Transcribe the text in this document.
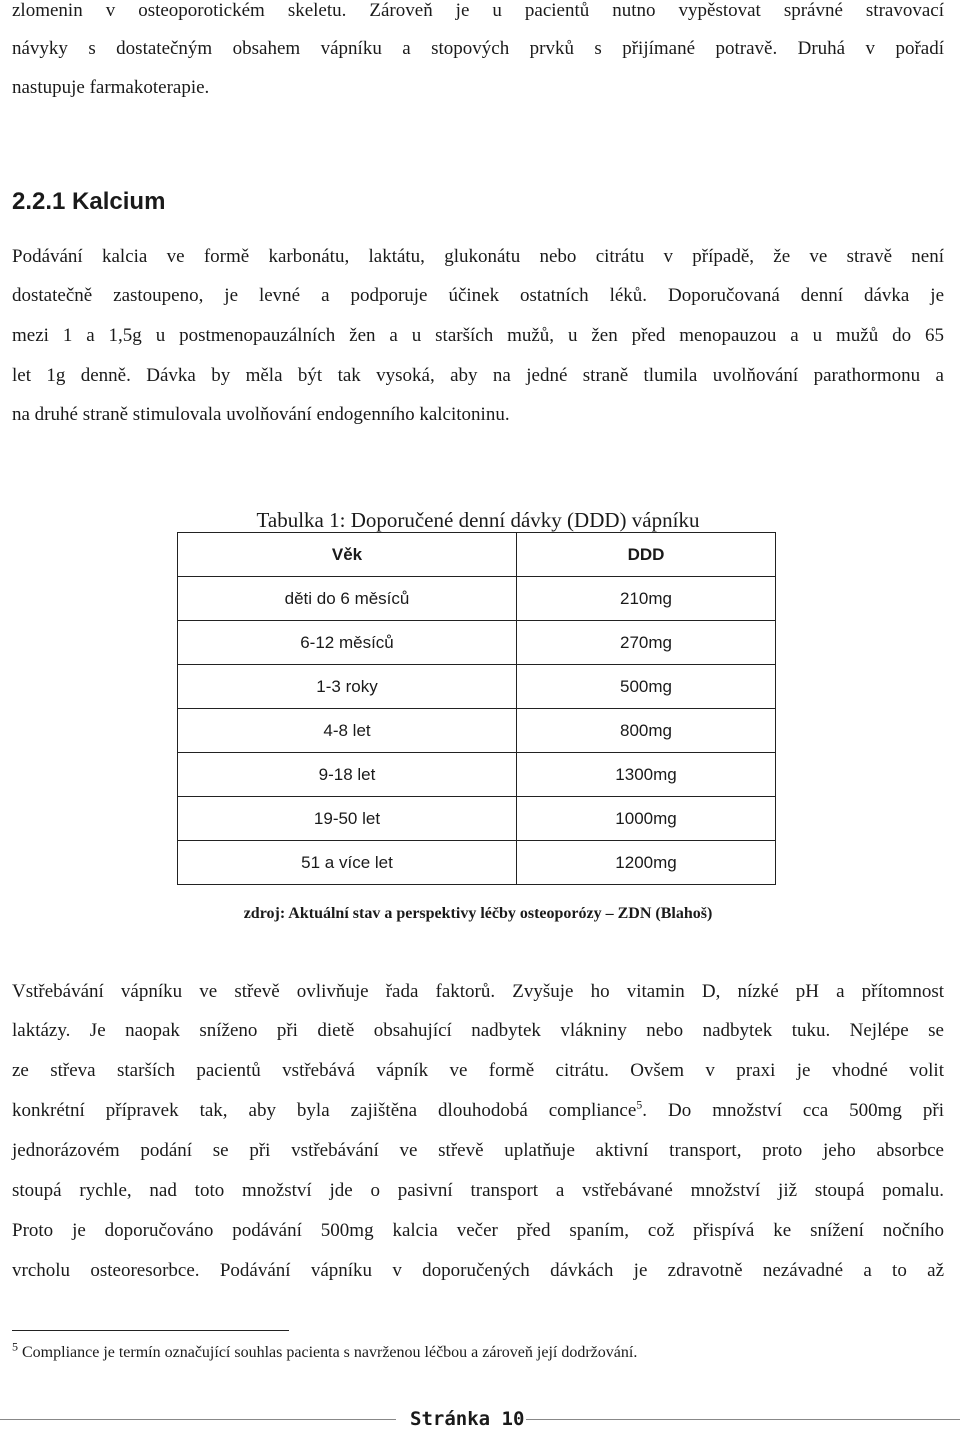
zlomenin v osteoporotickém skeletu. Zároveň je u pacientů nutno vypěstovat správné stravovací
návyky s dostatečným obsahem vápníku a stopových prvků s přijímané potravě. Druhá v pořadí
nastupuje farmakoterapie.
2.2.1 Kalcium
Podávání kalcia ve formě karbonátu, laktátu, glukonátu nebo citrátu v případě, že ve stravě není
dostatečně zastoupeno, je levné a podporuje účinek ostatních léků. Doporučovaná denní dávka je
mezi 1 a 1,5g u postmenopauzálních žen a u starších mužů, u žen před menopauzou a u mužů do 65
let 1g denně. Dávka by měla být tak vysoká, aby na jedné straně tlumila uvolňování parathormonu a
na druhé straně stimulovala uvolňování endogenního kalcitoninu.
Tabulka 1: Doporučené denní dávky (DDD) vápníku
Věk	DDD
děti do 6 měsíců	210mg
6-12 měsíců	270mg
1-3 roky	500mg
4-8 let	800mg
9-18 let	1300mg
19-50 let	1000mg
51 a více let	1200mg
zdroj: Aktuální stav a perspektivy léčby osteoporózy – ZDN (Blahoš)
Vstřebávání vápníku ve střevě ovlivňuje řada faktorů. Zvyšuje ho vitamin D, nízké pH a přítomnost
laktázy. Je naopak sníženo při dietě obsahující nadbytek vlákniny nebo nadbytek tuku. Nejlépe se
ze střeva starších pacientů vstřebává vápník ve formě citrátu. Ovšem v praxi je vhodné volit
konkrétní přípravek tak, aby byla zajištěna dlouhodobá compliance$^5$. Do množství cca 500mg při
jednorázovém podání se při vstřebávání ve střevě uplatňuje aktivní transport, proto jeho absorbce
stoupá rychle, nad toto množství jde o pasivní transport a vstřebávané množství již stoupá pomalu.
Proto je doporučováno podávání 500mg kalcia večer před spaním, což přispívá ke snížení nočního
vrcholu osteoresorbce. Podávání vápníku v doporučených dávkách je zdravotně nezávadné a to až
$^5$ Compliance je termín označující souhlas pacienta s navrženou léčbou a zároveň její dodržování.
Stránka 10
